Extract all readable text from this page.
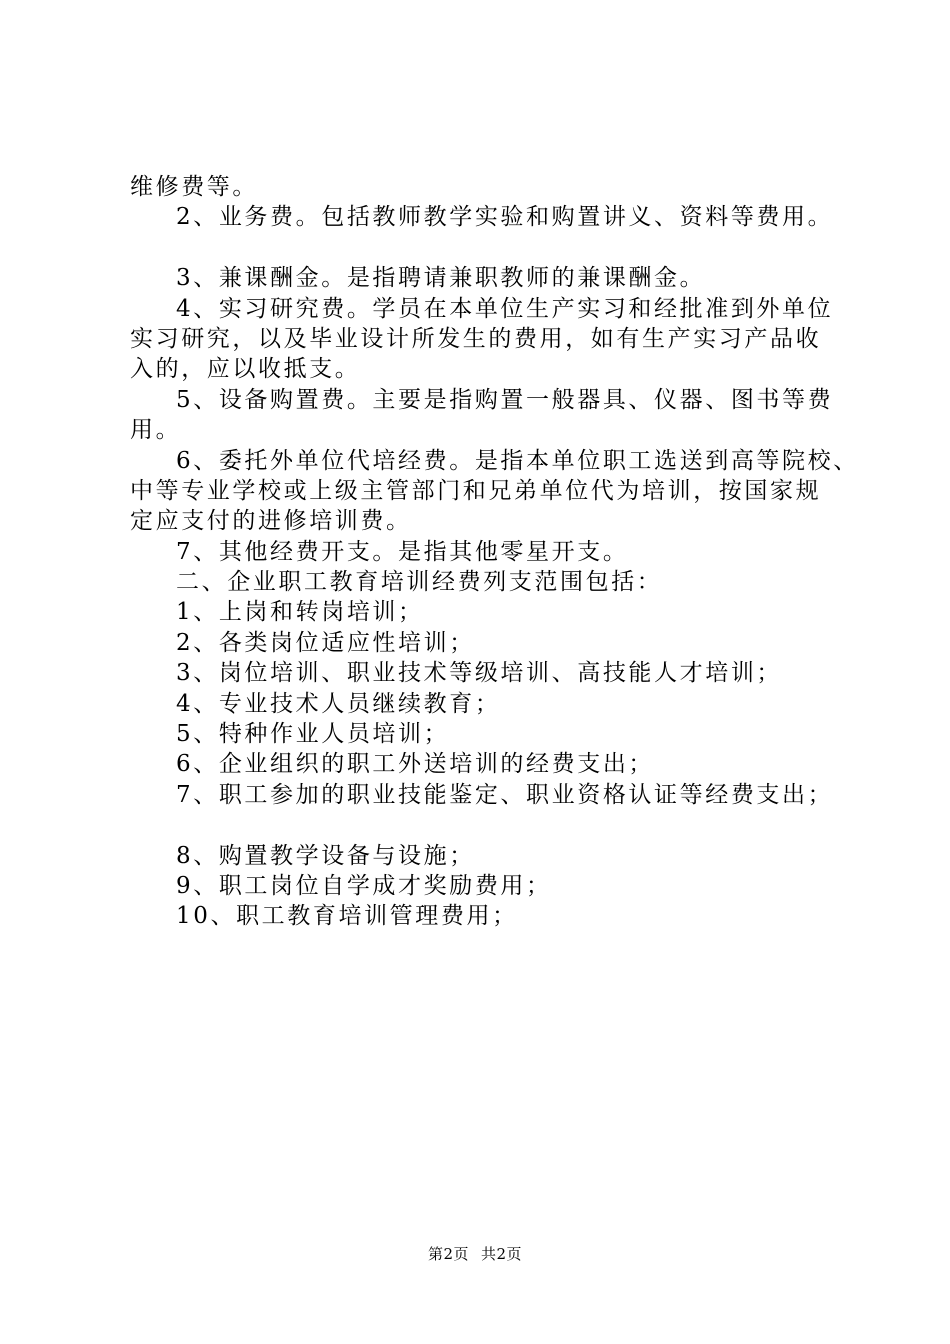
维修费等。
2、业务费。包括教师教学实验和购置讲义、资料等费用。
3、兼课酬金。是指聘请兼职教师的兼课酬金。
4、实习研究费。学员在本单位生产实习和经批准到外单位
实习研究，以及毕业设计所发生的费用，如有生产实习产品收
入的，应以收抵支。
5、设备购置费。主要是指购置一般器具、仪器、图书等费
用。
6、委托外单位代培经费。是指本单位职工选送到高等院校、
中等专业学校或上级主管部门和兄弟单位代为培训，按国家规
定应支付的进修培训费。
7、其他经费开支。是指其他零星开支。
二、企业职工教育培训经费列支范围包括：
1、上岗和转岗培训；
2、各类岗位适应性培训；
3、岗位培训、职业技术等级培训、高技能人才培训；
4、专业技术人员继续教育；
5、特种作业人员培训；
6、企业组织的职工外送培训的经费支出；
7、职工参加的职业技能鉴定、职业资格认证等经费支出；
8、购置教学设备与设施；
9、职工岗位自学成才奖励费用；
10、职工教育培训管理费用；
第2页 共2页
